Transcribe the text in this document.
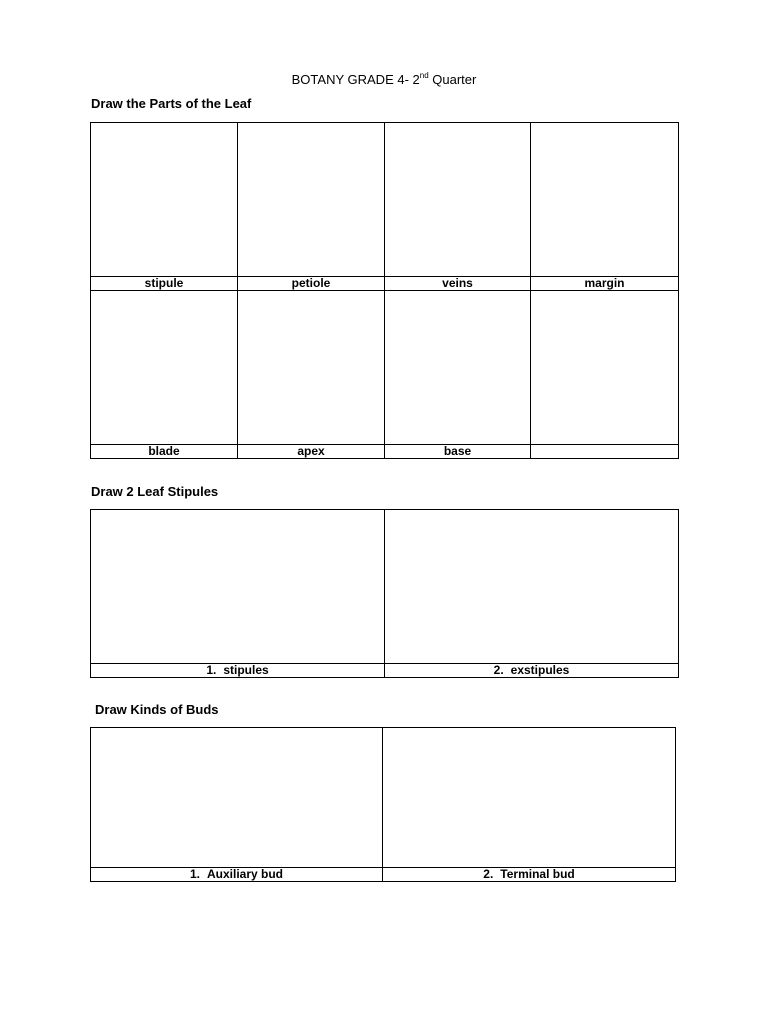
BOTANY GRADE 4- 2nd Quarter
Draw the Parts of the Leaf

stipule	petiole	veins	margin

blade	apex	base	
Draw 2 Leaf Stipules

1. stipules	2. exstipules
Draw Kinds of Buds

1. Auxiliary bud	2. Terminal bud
